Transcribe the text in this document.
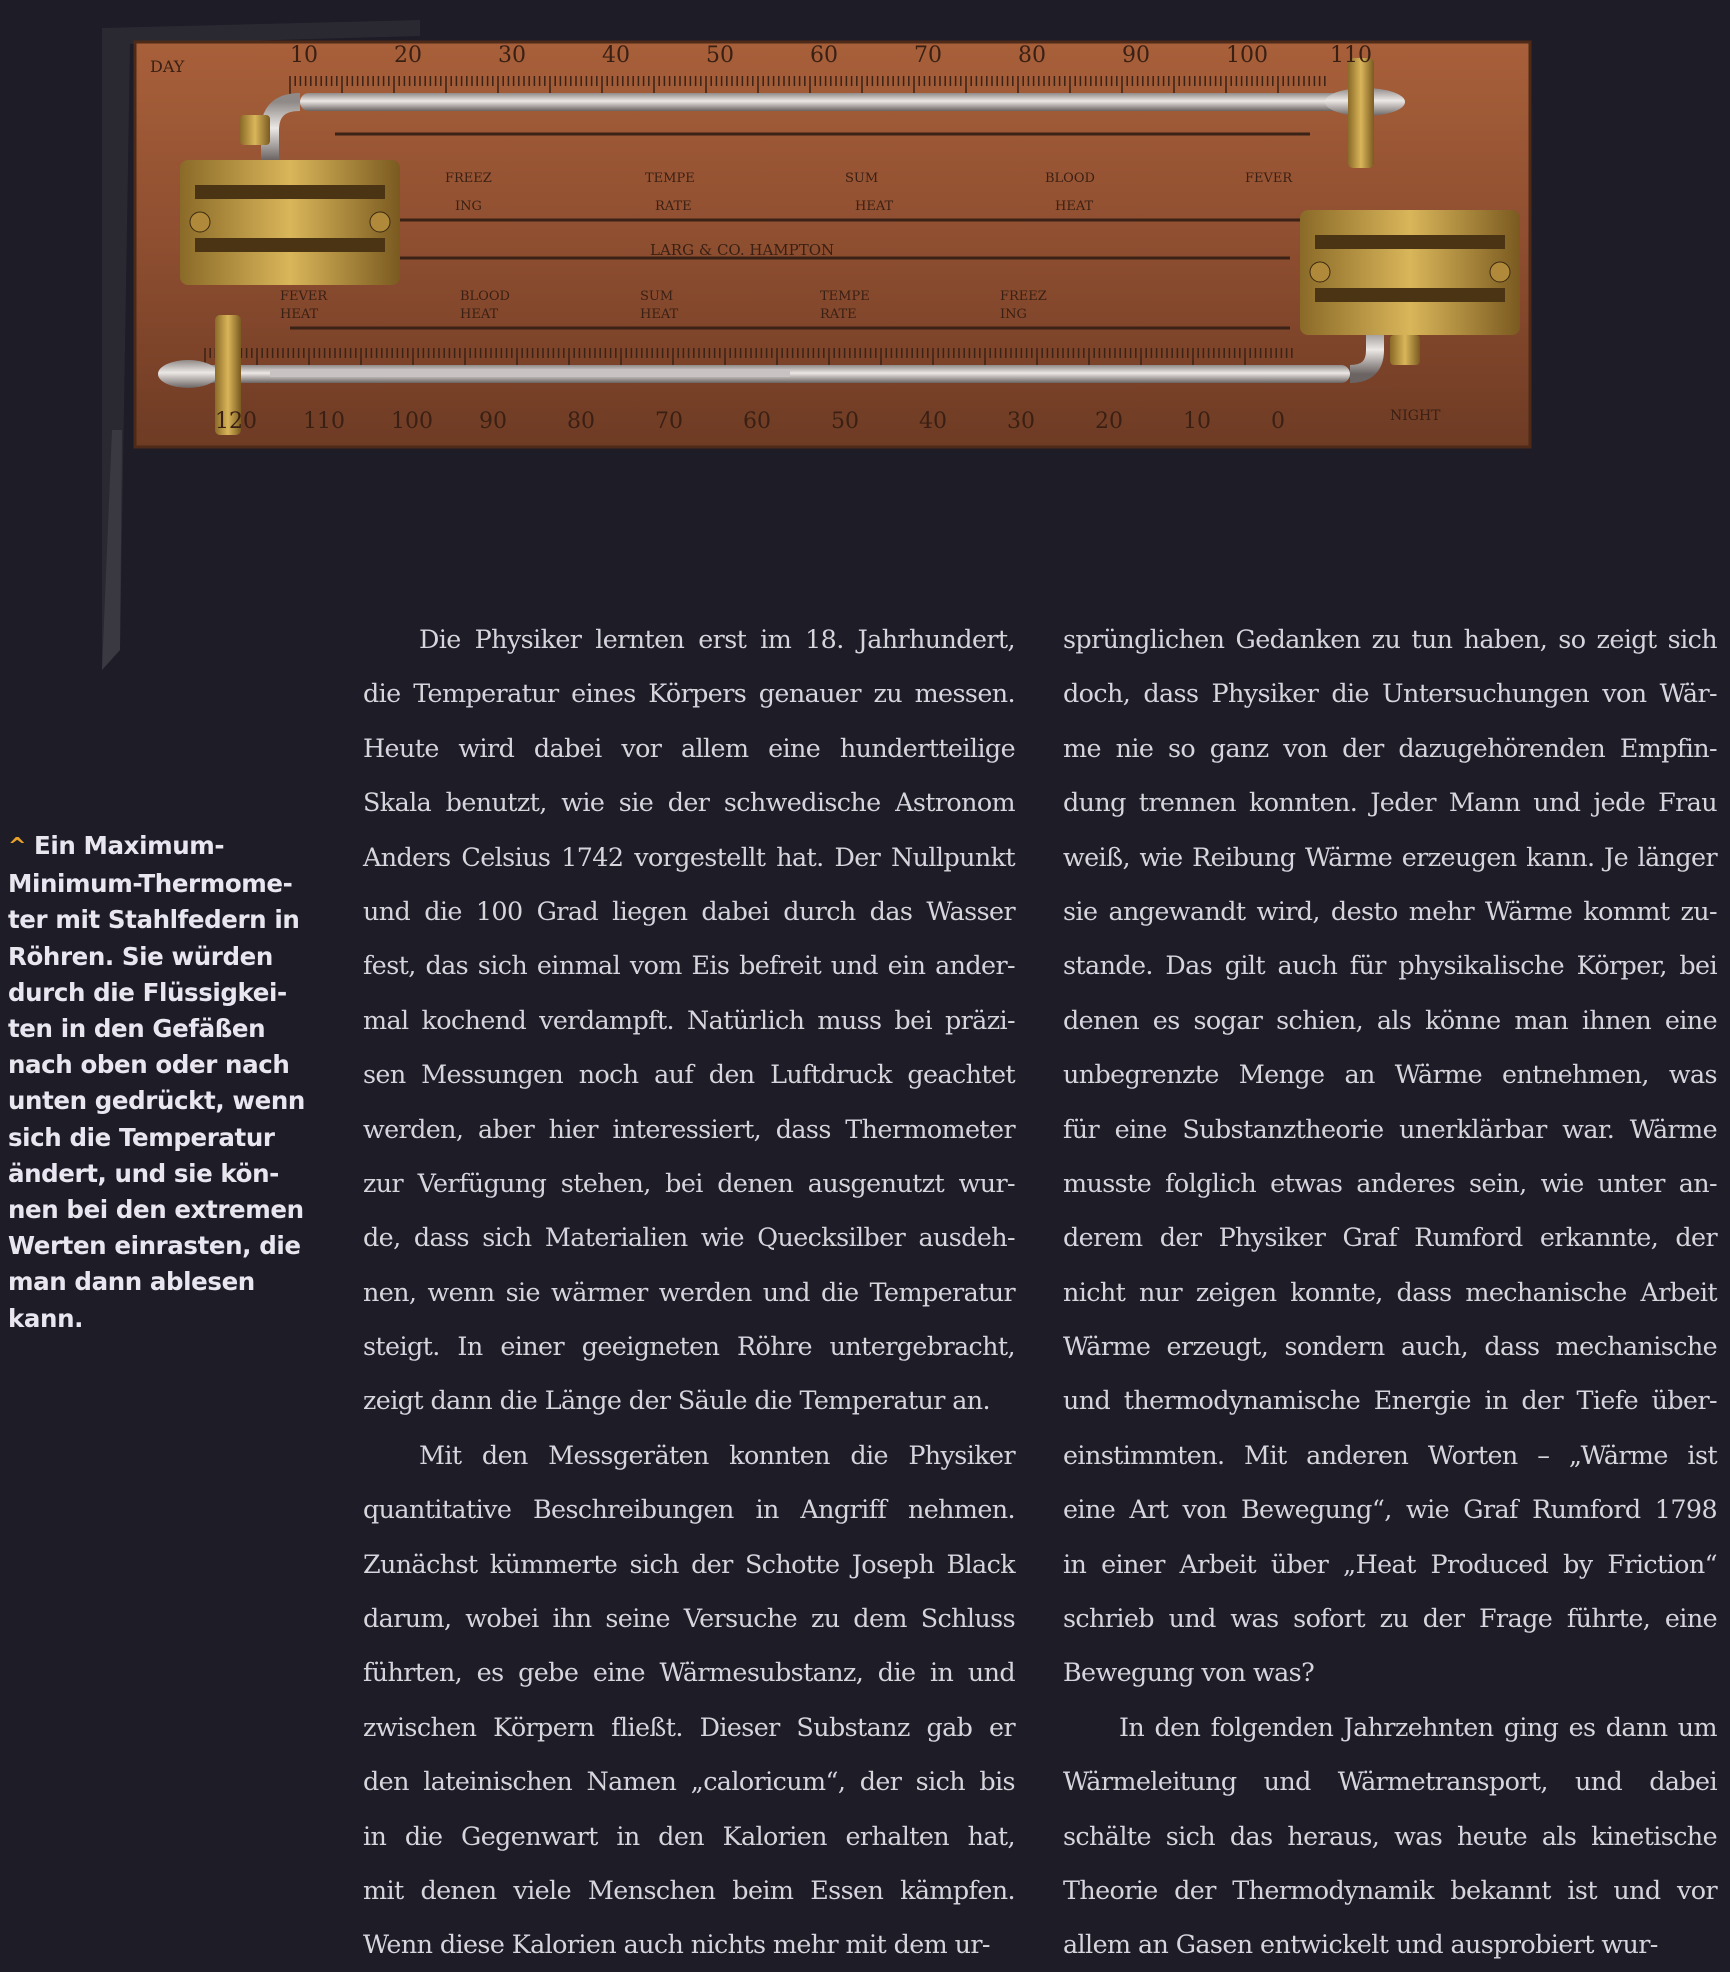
DAY
NIGHT
LARG & CO. HAMPTON
10	20	30	40	50	60	70	80	90	100	110
120 110 100 90	80	70	60	50	40	30	20	10	0
FREEZ
ING
TEMPE
RATE
SUM
HEAT
BLOOD
HEAT
FEVER
FEVER
HEAT
BLOOD
HEAT
SUM
HEAT
TEMPE
RATE
FREEZ
ING
^ Ein Maximum-
Minimum-Thermome-
ter mit Stahlfedern in
Röhren. Sie würden
durch die Flüssigkei-
ten in den Gefäßen
nach oben oder nach
unten gedrückt, wenn
sich die Temperatur
ändert, und sie kön-
nen bei den extremen
Werten einrasten, die
man dann ablesen
kann.
Die Physiker lernten erst im 18. Jahrhundert,
die Temperatur eines Körpers genauer zu messen.
Heute wird dabei vor allem eine hundertteilige
Skala benutzt, wie sie der schwedische Astronom
Anders Celsius 1742 vorgestellt hat. Der Nullpunkt
und die 100 Grad liegen dabei durch das Wasser
fest, das sich einmal vom Eis befreit und ein ander-
mal kochend verdampft. Natürlich muss bei präzi-
sen Messungen noch auf den Luftdruck geachtet
werden, aber hier interessiert, dass Thermometer
zur Verfügung stehen, bei denen ausgenutzt wur-
de, dass sich Materialien wie Quecksilber ausdeh-
nen, wenn sie wärmer werden und die Temperatur
steigt. In einer geeigneten Röhre untergebracht,
zeigt dann die Länge der Säule die Temperatur an.
Mit den Messgeräten konnten die Physiker
quantitative Beschreibungen in Angriff nehmen.
Zunächst kümmerte sich der Schotte Joseph Black
darum, wobei ihn seine Versuche zu dem Schluss
führten, es gebe eine Wärmesubstanz, die in und
zwischen Körpern fließt. Dieser Substanz gab er
den lateinischen Namen „caloricum“, der sich bis
in die Gegenwart in den Kalorien erhalten hat,
mit denen viele Menschen beim Essen kämpfen.
Wenn diese Kalorien auch nichts mehr mit dem ur-
sprünglichen Gedanken zu tun haben, so zeigt sich
doch, dass Physiker die Untersuchungen von Wär-
me nie so ganz von der dazugehörenden Empfin-
dung trennen konnten. Jeder Mann und jede Frau
weiß, wie Reibung Wärme erzeugen kann. Je länger
sie angewandt wird, desto mehr Wärme kommt zu-
stande. Das gilt auch für physikalische Körper, bei
denen es sogar schien, als könne man ihnen eine
unbegrenzte Menge an Wärme entnehmen, was
für eine Substanztheorie unerklärbar war. Wärme
musste folglich etwas anderes sein, wie unter an-
derem der Physiker Graf Rumford erkannte, der
nicht nur zeigen konnte, dass mechanische Arbeit
Wärme erzeugt, sondern auch, dass mechanische
und thermodynamische Energie in der Tiefe über-
einstimmten. Mit anderen Worten – „Wärme ist
eine Art von Bewegung“, wie Graf Rumford 1798
in einer Arbeit über „Heat Produced by Friction“
schrieb und was sofort zu der Frage führte, eine
Bewegung von was?
In den folgenden Jahrzehnten ging es dann um
Wärmeleitung und Wärmetransport, und dabei
schälte sich das heraus, was heute als kinetische
Theorie der Thermodynamik bekannt ist und vor
allem an Gasen entwickelt und ausprobiert wur-
